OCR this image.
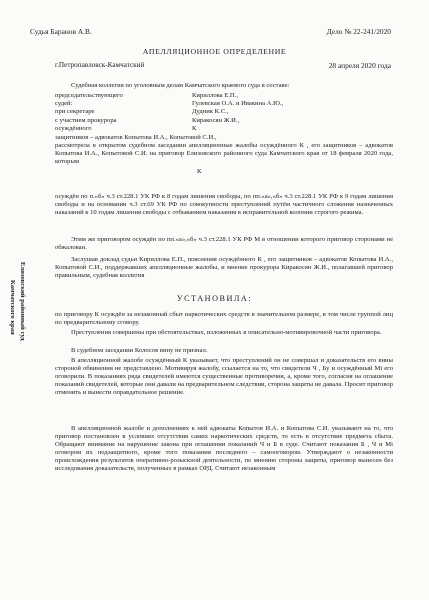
Судья Баранов А.В.	Дело № 22-241/2020
АПЕЛЛЯЦИОННОЕ ОПРЕДЕЛЕНИЕ
г.Петропавловск-Камчатский	28 апреля 2020 года
Судебная коллегия по уголовным делам Камчатского краевого суда в составе:
председательствующего	Кириллова Е.П.,
судей:	Гулевская О.А. и Ивакина А.Ю.,
при секретаре	Дудник К.С.,
с участием прокурора	Киракосян Ж.И.,
осуждённого	К
защитников – адвокатов Копытова И.А., Копытовой С.И.,
рассмотрела в открытом судебном заседании апелляционные жалобы осуждённого К , его защитников – адвокатов Копытова И.А., Копытовой С.И. на приговор Елизовского районного суда Камчатского края от 18 февраля 2020 года, которым
К
осуждён по п.«б» ч.3 ст.228.1 УК РФ к 8 годам лишения свободы, по пп.«а»,«б» ч.3 ст.228.1 УК РФ к 9 годам лишения свободы и на основании ч.3 ст.69 УК РФ по совокупности преступлений путём частичного сложения назначенных наказаний к 10 годам лишения свободы с отбыванием наказания в исправительной колонии строгого режима.
Этим же приговором осуждён по пп.«а»,«б» ч.3 ст.228.1 УК РФ М в отношении которого приговор сторонами не обжалован.
Заслушав доклад судьи Кириллова Е.П., пояснения осуждённого К , его защитников – адвокатов Копытова И.А., Копытовой С.И., поддержавших апелляционные жалобы, и мнение прокурора Киракосян Ж.И., полагавшей приговор правильным, судебная коллегия
УСТАНОВИЛА:
по приговору К осуждён за незаконный сбыт наркотических средств в значительном размере, в том числе группой лиц по предварительному сговору.
Преступления совершены при обстоятельствах, изложенных в описательно-мотивировочной части приговора.
В судебном заседании Колосов вину не признал.
В апелляционной жалобе осуждённый К указывает, что преступлений он не совершал и доказательств его вины стороной обвинения не представлено. Мотивируя жалобу, ссылается на то, что свидетели Ч , Бу и осуждённый Мі его оговорили. В показаниях ряда свидетелей имеются существенные противоречия, а, кроме того, согласия на оглашение показаний свидетелей, которые они давали на предварительном следствии, сторона защиты не давала. Просит приговор отменить и вынести оправдательное решение.
В апелляционной жалобе и дополнениях к ней адвокаты Копытов И.А. и Копытова С.И. указывают на то, что приговор постановлен в условиях отсутствия самих наркотических средств, то есть в отсутствие предмета сбыта. Обращают внимание на нарушение закона при оглашении показаний Ч и Б в суде. Считают показания Б , Ч и Мі оговором их подзащитного, кроме того показания последнего – самооговором. Утверждают о незаконности происхождения результатов оперативно-розыскной деятельности, по мнению стороны защиты, приговор вынесен без исследования доказательств, полученных в рамках ОРД. Считают незаконным
Елизовский районный суд
Камчатского края
